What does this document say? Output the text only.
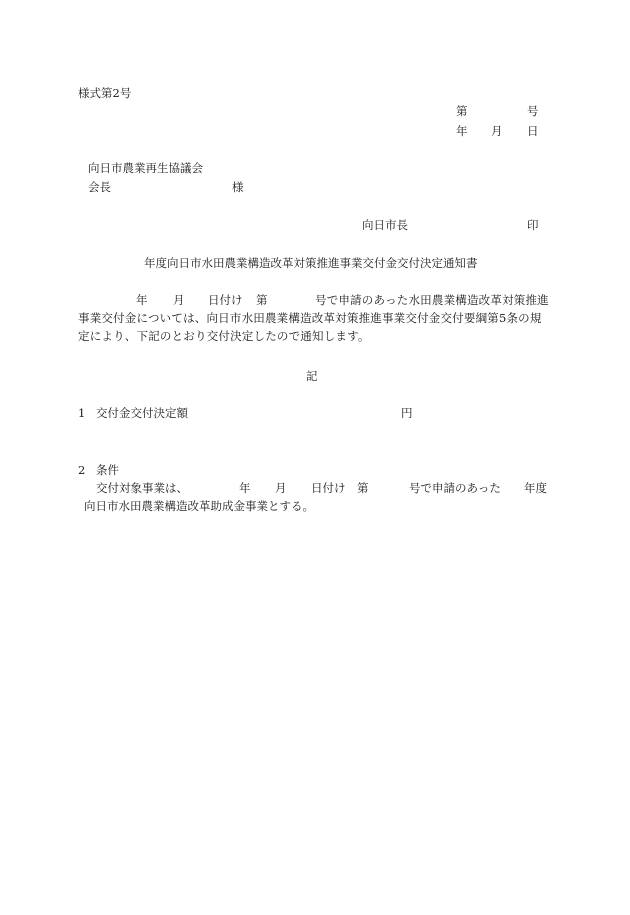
様式第2号
第	号
年 月 日
向日市農業再生協議会
会長	様
向日市長	印
年度向日市水田農業構造改革対策推進事業交付金交付決定通知書
年 月 日付け 第	号で申請のあった水田農業構造改革対策推進
事業交付金については、向日市水田農業構造改革対策推進事業交付金交付要綱第5条の規
定により、下記のとおり交付決定したので通知します。
記
1 交付金交付決定額	円
2 条件
交付対象事業は、	年 月 日付け 第	号で申請のあった 年度
向日市水田農業構造改革助成金事業とする。
